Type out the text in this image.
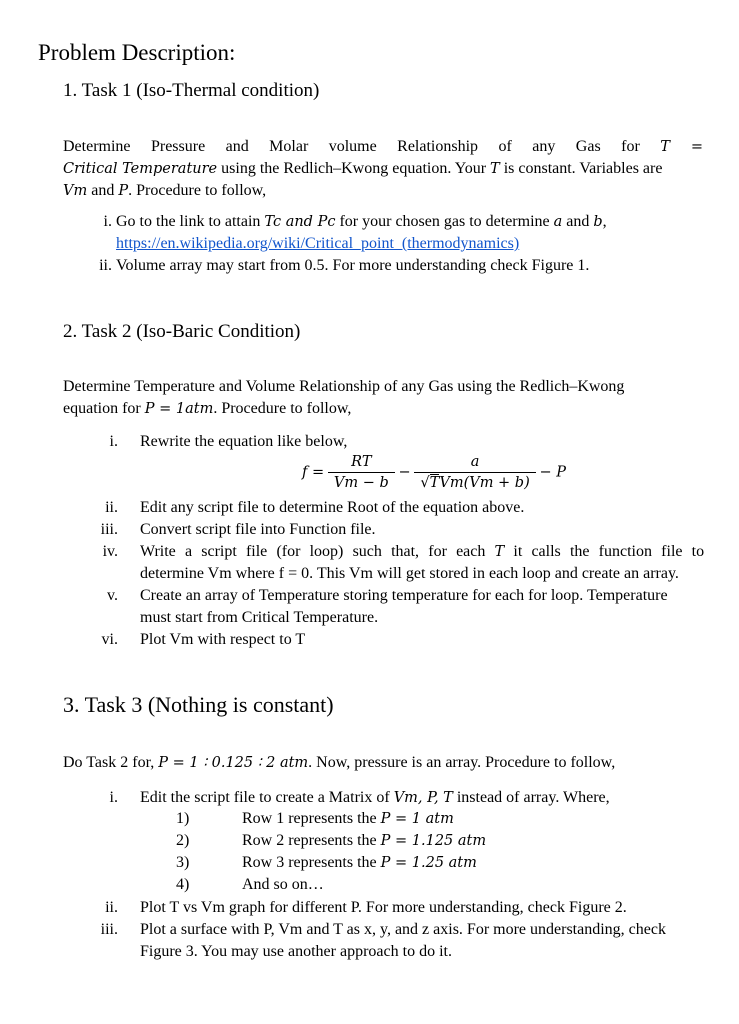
Problem Description:
1. Task 1 (Iso-Thermal condition)
Determine Pressure and Molar volume Relationship of any Gas for T =
Critical Temperature using the Redlich–Kwong equation. Your T is constant. Variables are
Vm and P. Procedure to follow,
i. Go to the link to attain Tc and Pc for your chosen gas to determine a and b,
https://en.wikipedia.org/wiki/Critical_point_(thermodynamics)
ii. Volume array may start from 0.5. For more understanding check Figure 1.
2. Task 2 (Iso-Baric Condition)
Determine Temperature and Volume Relationship of any Gas using the Redlich–Kwong
equation for P = 1atm. Procedure to follow,
i. Rewrite the equation like below,
$f = \frac{RT}{Vm - b} - \frac{a}{\text{√TVm(Vm + b)}} - P$
ii. Edit any script file to determine Root of the equation above.
iii. Convert script file into Function file.
iv. Write a script file (for loop) such that, for each T it calls the function file to
determine Vm where f = 0. This Vm will get stored in each loop and create an array.
v. Create an array of Temperature storing temperature for each for loop. Temperature
must start from Critical Temperature.
vi. Plot Vm with respect to T
3. Task 3 (Nothing is constant)
Do Task 2 for, P = 1 ∶ 0.125 ∶ 2 atm. Now, pressure is an array. Procedure to follow,
i. Edit the script file to create a Matrix of Vm, P, T instead of array. Where,
1)	Row 1 represents the P = 1 atm
2)	Row 2 represents the P = 1.125 atm
3)	Row 3 represents the P = 1.25 atm
4)	And so on…
ii. Plot T vs Vm graph for different P. For more understanding, check Figure 2.
iii. Plot a surface with P, Vm and T as x, y, and z axis. For more understanding, check
Figure 3. You may use another approach to do it.
